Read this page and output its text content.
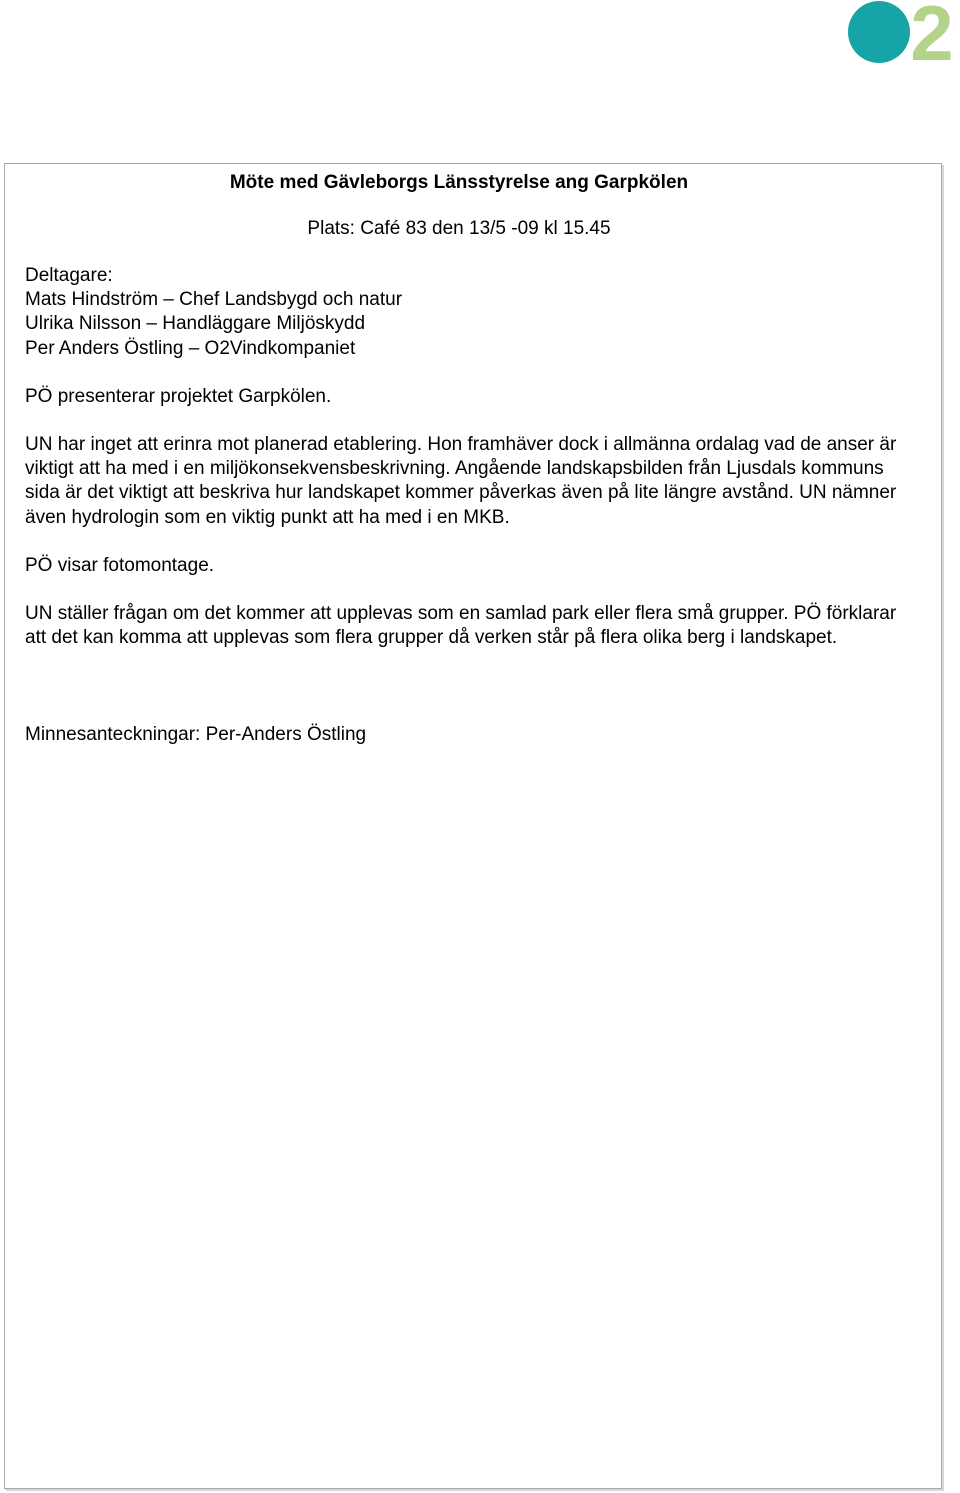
2
Möte med Gävleborgs Länsstyrelse ang Garpkölen
Plats: Café 83 den 13/5 -09 kl 15.45

Deltagare:
Mats Hindström – Chef Landsbygd och natur
Ulrika Nilsson – Handläggare Miljöskydd
Per Anders Östling – O2Vindkompaniet

PÖ presenterar projektet Garpkölen.

UN har inget att erinra mot planerad etablering. Hon framhäver dock i allmänna ordalag vad de anser är viktigt att ha med i en miljökonsekvensbeskrivning. Angående landskapsbilden från Ljusdals kommuns sida är det viktigt att beskriva hur landskapet kommer påverkas även på lite längre avstånd. UN nämner även hydrologin som en viktig punkt att ha med i en MKB.

PÖ visar fotomontage.

UN ställer frågan om det kommer att upplevas som en samlad park eller flera små grupper. PÖ förklarar att det kan komma att upplevas som flera grupper då verken står på flera olika berg i landskapet.

Minnesanteckningar: Per-Anders Östling
